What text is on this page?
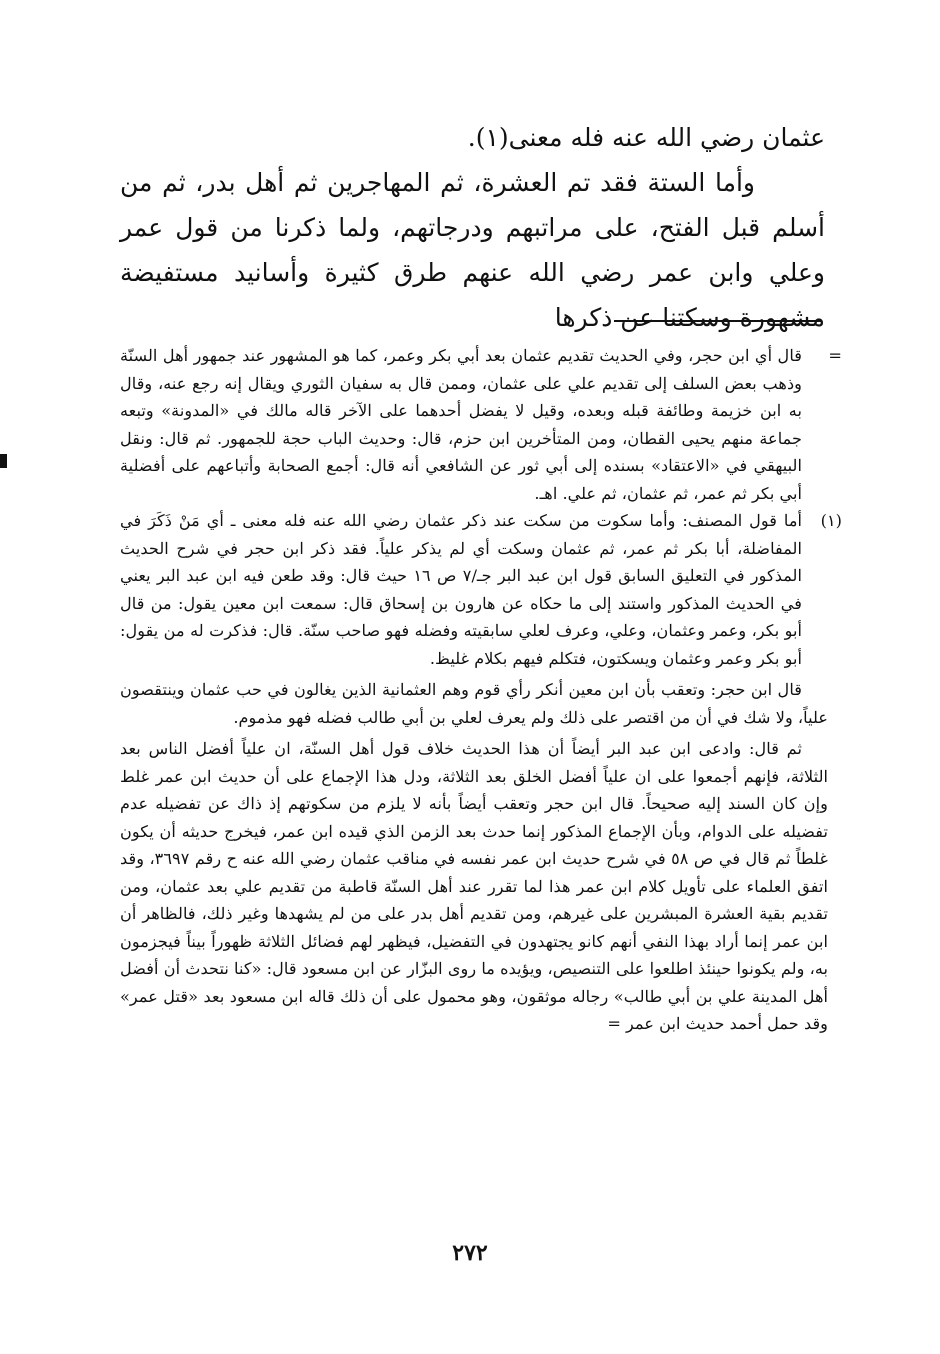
عثمان رضي الله عنه فله معنى(١).

وأما الستة فقد تم العشرة، ثم المهاجرين ثم أهل بدر، ثم من أسلم قبل الفتح، على مراتبهم ودرجاتهم، ولما ذكرنا من قول عمر وعلي وابن عمر رضي الله عنهم طرق كثيرة وأسانيد مستفيضة مشهورة وسكتنا عن ذكرها

=
قال أي ابن حجر، وفي الحديث تقديم عثمان بعد أبي بكر وعمر، كما هو المشهور عند جمهور أهل السنّة وذهب بعض السلف إلى تقديم علي على عثمان، وممن قال به سفيان الثوري ويقال إنه رجع عنه، وقال به ابن خزيمة وطائفة قبله وبعده، وقيل لا يفضل أحدهما على الآخر قاله مالك في «المدونة» وتبعه جماعة منهم يحيى القطان، ومن المتأخرين ابن حزم، قال: وحديث الباب حجة للجمهور. ثم قال: ونقل البيهقي في «الاعتقاد» بسنده إلى أبي ثور عن الشافعي أنه قال: أجمع الصحابة وأتباعهم على أفضلية أبي بكر ثم عمر، ثم عثمان، ثم علي. اهـ.

(١)
أما قول المصنف: وأما سكوت من سكت عند ذكر عثمان رضي الله عنه فله معنى ـ أي مَنْ ذَكَرَ في المفاضلة، أبا بكر ثم عمر، ثم عثمان وسكت أي لم يذكر علياً. فقد ذكر ابن حجر في شرح الحديث المذكور في التعليق السابق قول ابن عبد البر جـ/٧ ص ١٦ حيث قال: وقد طعن فيه ابن عبد البر يعني في الحديث المذكور واستند إلى ما حكاه عن هارون بن إسحاق قال: سمعت ابن معين يقول: من قال أبو بكر، وعمر وعثمان، وعلي، وعرف لعلي سابقيته وفضله فهو صاحب سنّة. قال: فذكرت له من يقول: أبو بكر وعمر وعثمان ويسكتون، فتكلم فيهم بكلام غليظ.

قال ابن حجر: وتعقب بأن ابن معين أنكر رأي قوم وهم العثمانية الذين يغالون في حب عثمان وينتقصون علياً، ولا شك في أن من اقتصر على ذلك ولم يعرف لعلي بن أبي طالب فضله فهو مذموم.

ثم قال: وادعى ابن عبد البر أيضاً أن هذا الحديث خلاف قول أهل السنّة، ان علياً أفضل الناس بعد الثلاثة، فإنهم أجمعوا على ان علياً أفضل الخلق بعد الثلاثة، ودل هذا الإجماع على أن حديث ابن عمر غلط وإن كان السند إليه صحيحاً. قال ابن حجر وتعقب أيضاً بأنه لا يلزم من سكوتهم إذ ذاك عن تفضيله عدم تفضيله على الدوام، وبأن الإجماع المذكور إنما حدث بعد الزمن الذي قيده ابن عمر، فيخرج حديثه أن يكون غلطاً ثم قال في ص ٥٨ في شرح حديث ابن عمر نفسه في مناقب عثمان رضي الله عنه ح رقم ٣٦٩٧، وقد اتفق العلماء على تأويل كلام ابن عمر هذا لما تقرر عند أهل السنّة قاطبة من تقديم علي بعد عثمان، ومن تقديم بقية العشرة المبشرين على غيرهم، ومن تقديم أهل بدر على من لم يشهدها وغير ذلك، فالظاهر أن ابن عمر إنما أراد بهذا النفي أنهم كانو يجتهدون في التفضيل، فيظهر لهم فضائل الثلاثة ظهوراً بيناً فيجزمون به، ولم يكونوا حينئذ اطلعوا على التنصيص، ويؤيده ما روى البزّار عن ابن مسعود قال: «كنا نتحدث أن أفضل أهل المدينة علي بن أبي طالب» رجاله موثقون، وهو محمول على أن ذلك قاله ابن مسعود بعد «قتل عمر» وقد حمل أحمد حديث ابن عمر =

٢٧٢
